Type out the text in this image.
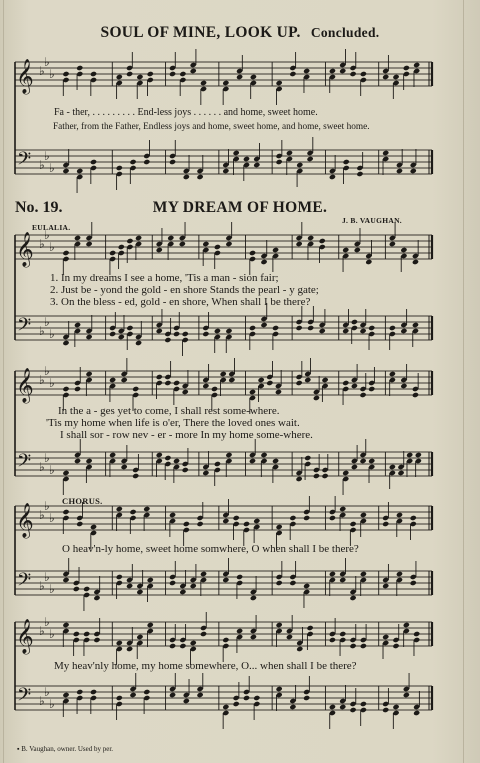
𝄞 ♭
♭
♭
𝄢 ♭
♭
♭
𝄞 ♭
♭
♭
𝄢 ♭
♭
♭
𝄞 ♭
♭
♭
𝄢 ♭
♭
♭
𝄞 ♭
♭
♭
𝄢 ♭
♭
♭
𝄞 ♭
♭
♭
𝄢 ♭
♭
♭
SOUL OF MINE, LOOK UP. Concluded.
Fa - ther, . . . . . . . . . End-less joys . . . . . . and home, sweet home.
Father, from the Father, Endless joys and home, sweet home, and home, sweet home.
No. 19.	MY DREAM OF HOME.
EULALIA.
J. B. VAUGHAN.
1. In my dreams I see a home, 'Tis a man - sion fair;
2. Just be - yond the gold - en shore Stands the pearl - y gate;
3. On the bless - ed, gold - en shore, When shall I be there?
In the a - ges yet to come, I shall rest some-where.
'Tis my home when life is o'er, There the loved ones wait.
I shall sor - row nev - er - more In my home some-where.
CHORUS.
O heav'n-ly home, sweet home somwhere, O when shall I be there?
My heav'nly home, my home somewhere, O... when shall I be there?
▪ B. Vaughan, owner. Used by per.
